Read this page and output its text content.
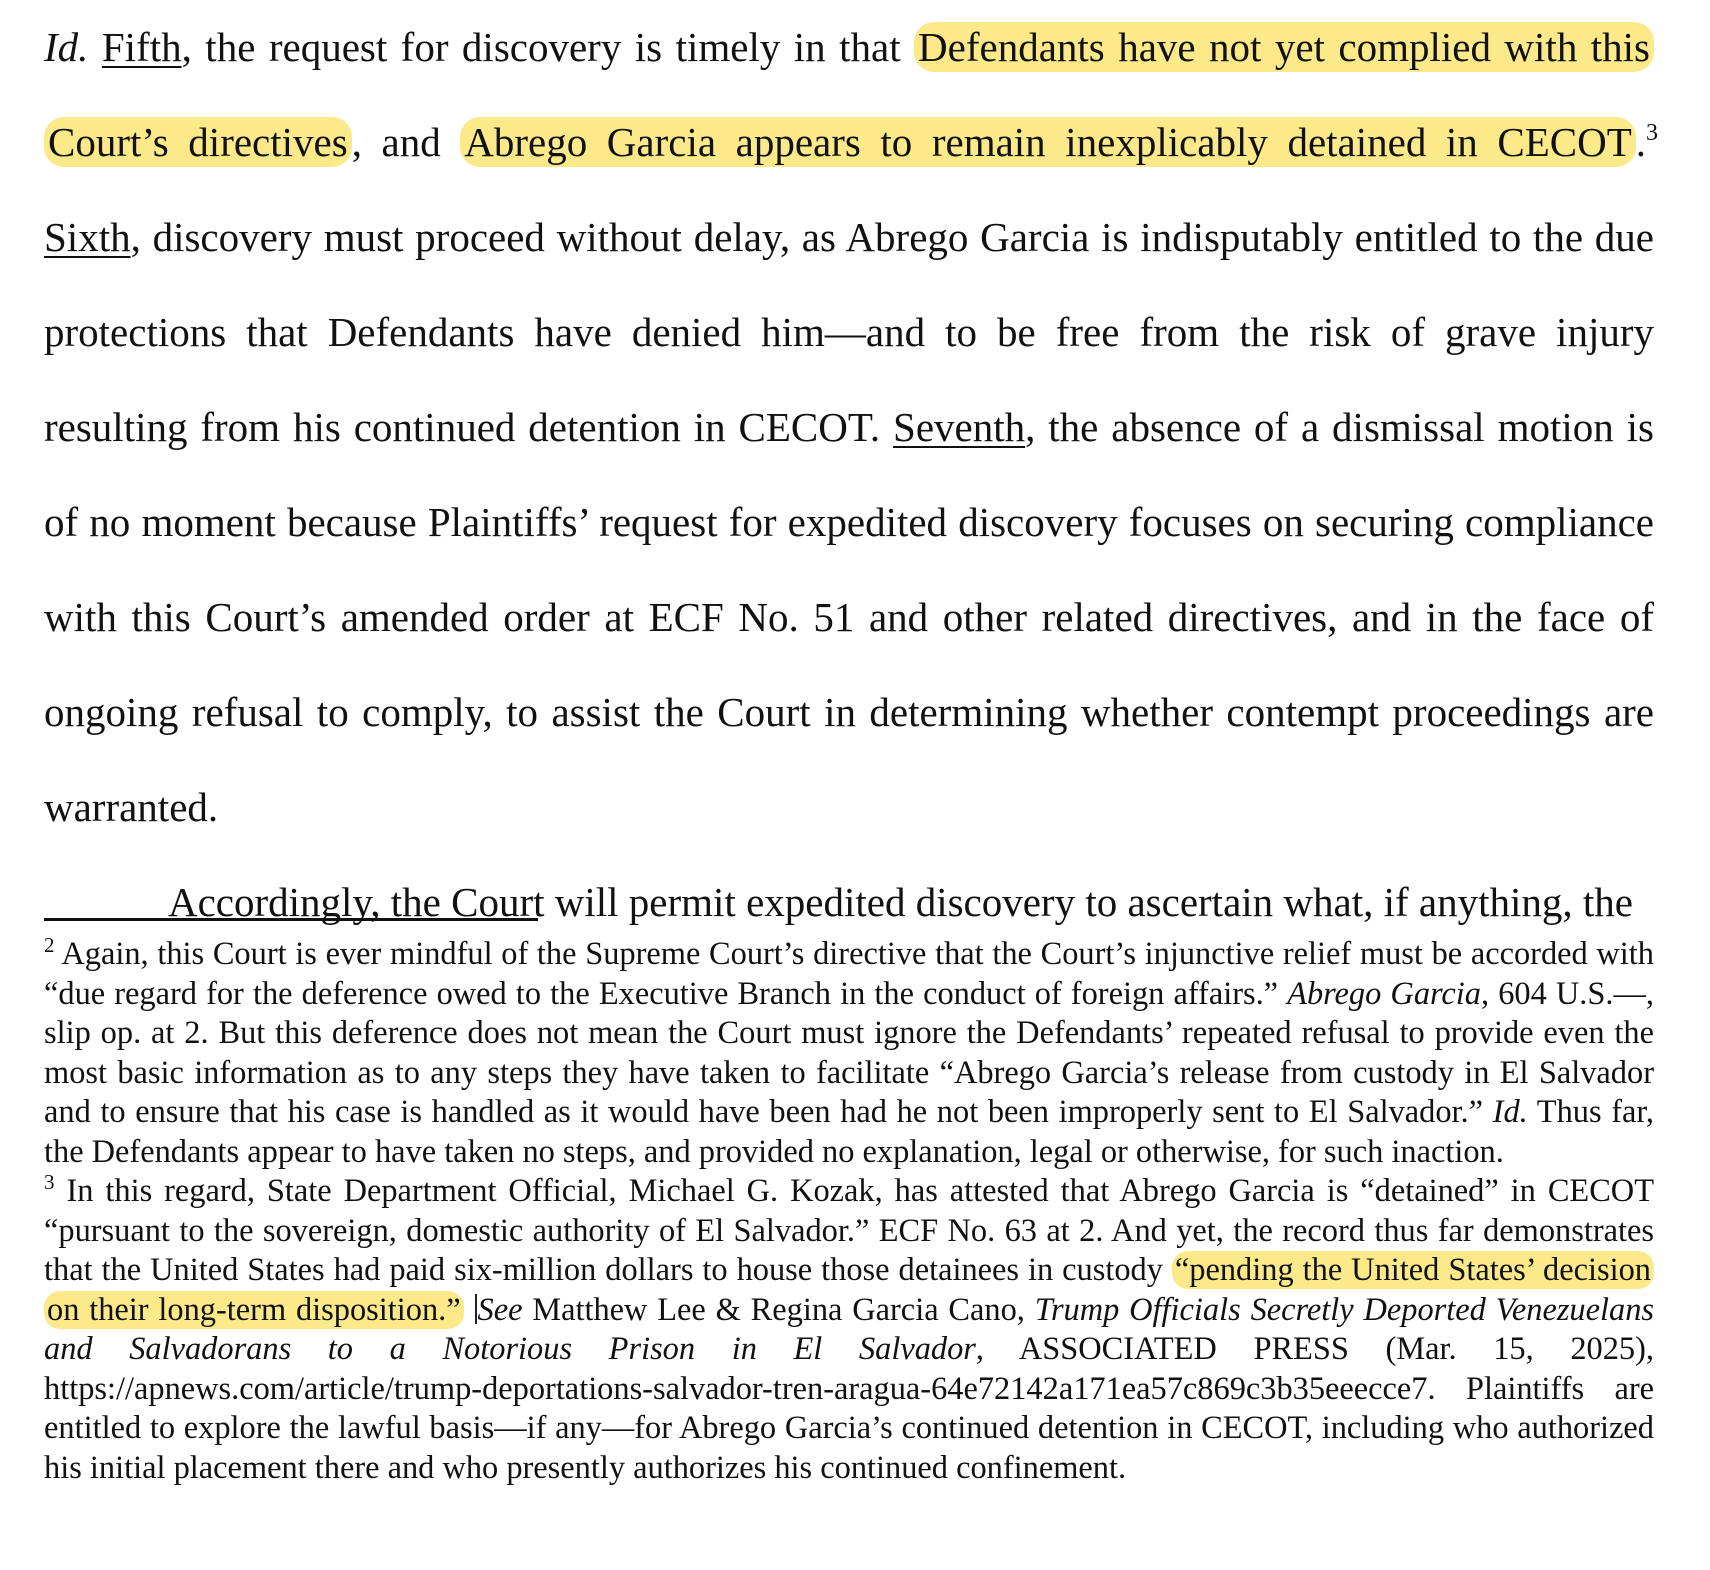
Id. Fifth, the request for discovery is timely in that Defendants have not yet complied with this Court’s directives, and Abrego Garcia appears to remain inexplicably detained in CECOT.$^3$ Sixth, discovery must proceed without delay, as Abrego Garcia is indisputably entitled to the due protections that Defendants have denied him—and to be free from the risk of grave injury resulting from his continued detention in CECOT. Seventh, the absence of a dismissal motion is of no moment because Plaintiffs’ request for expedited discovery focuses on securing compliance with this Court’s amended order at ECF No. 51 and other related directives, and in the face of ongoing refusal to comply, to assist the Court in determining whether contempt proceedings are warranted.

Accordingly, the Court will permit expedited discovery to ascertain what, if anything, the

$^2$ Again, this Court is ever mindful of the Supreme Court’s directive that the Court’s injunctive relief must be accorded with “due regard for the deference owed to the Executive Branch in the conduct of foreign affairs.” Abrego Garcia, 604 U.S.—, slip op. at 2. But this deference does not mean the Court must ignore the Defendants’ repeated refusal to provide even the most basic information as to any steps they have taken to facilitate “Abrego Garcia’s release from custody in El Salvador and to ensure that his case is handled as it would have been had he not been improperly sent to El Salvador.” Id. Thus far, the Defendants appear to have taken no steps, and provided no explanation, legal or otherwise, for such inaction.

$^3$ In this regard, State Department Official, Michael G. Kozak, has attested that Abrego Garcia is “detained” in CECOT “pursuant to the sovereign, domestic authority of El Salvador.” ECF No. 63 at 2. And yet, the record thus far demonstrates that the United States had paid six-million dollars to house those detainees in custody “pending the United States’ decision on their long-term disposition.” See Matthew Lee & Regina Garcia Cano, Trump Officials Secretly Deported Venezuelans and Salvadorans to a Notorious Prison in El Salvador, ASSOCIATED PRESS (Mar. 15, 2025), https://apnews.com/article/trump-deportations-salvador-tren-aragua-64e72142a171ea57c869c3b35eeecce7. Plaintiffs are entitled to explore the lawful basis—if any—for Abrego Garcia’s continued detention in CECOT, including who authorized his initial placement there and who presently authorizes his continued confinement.
